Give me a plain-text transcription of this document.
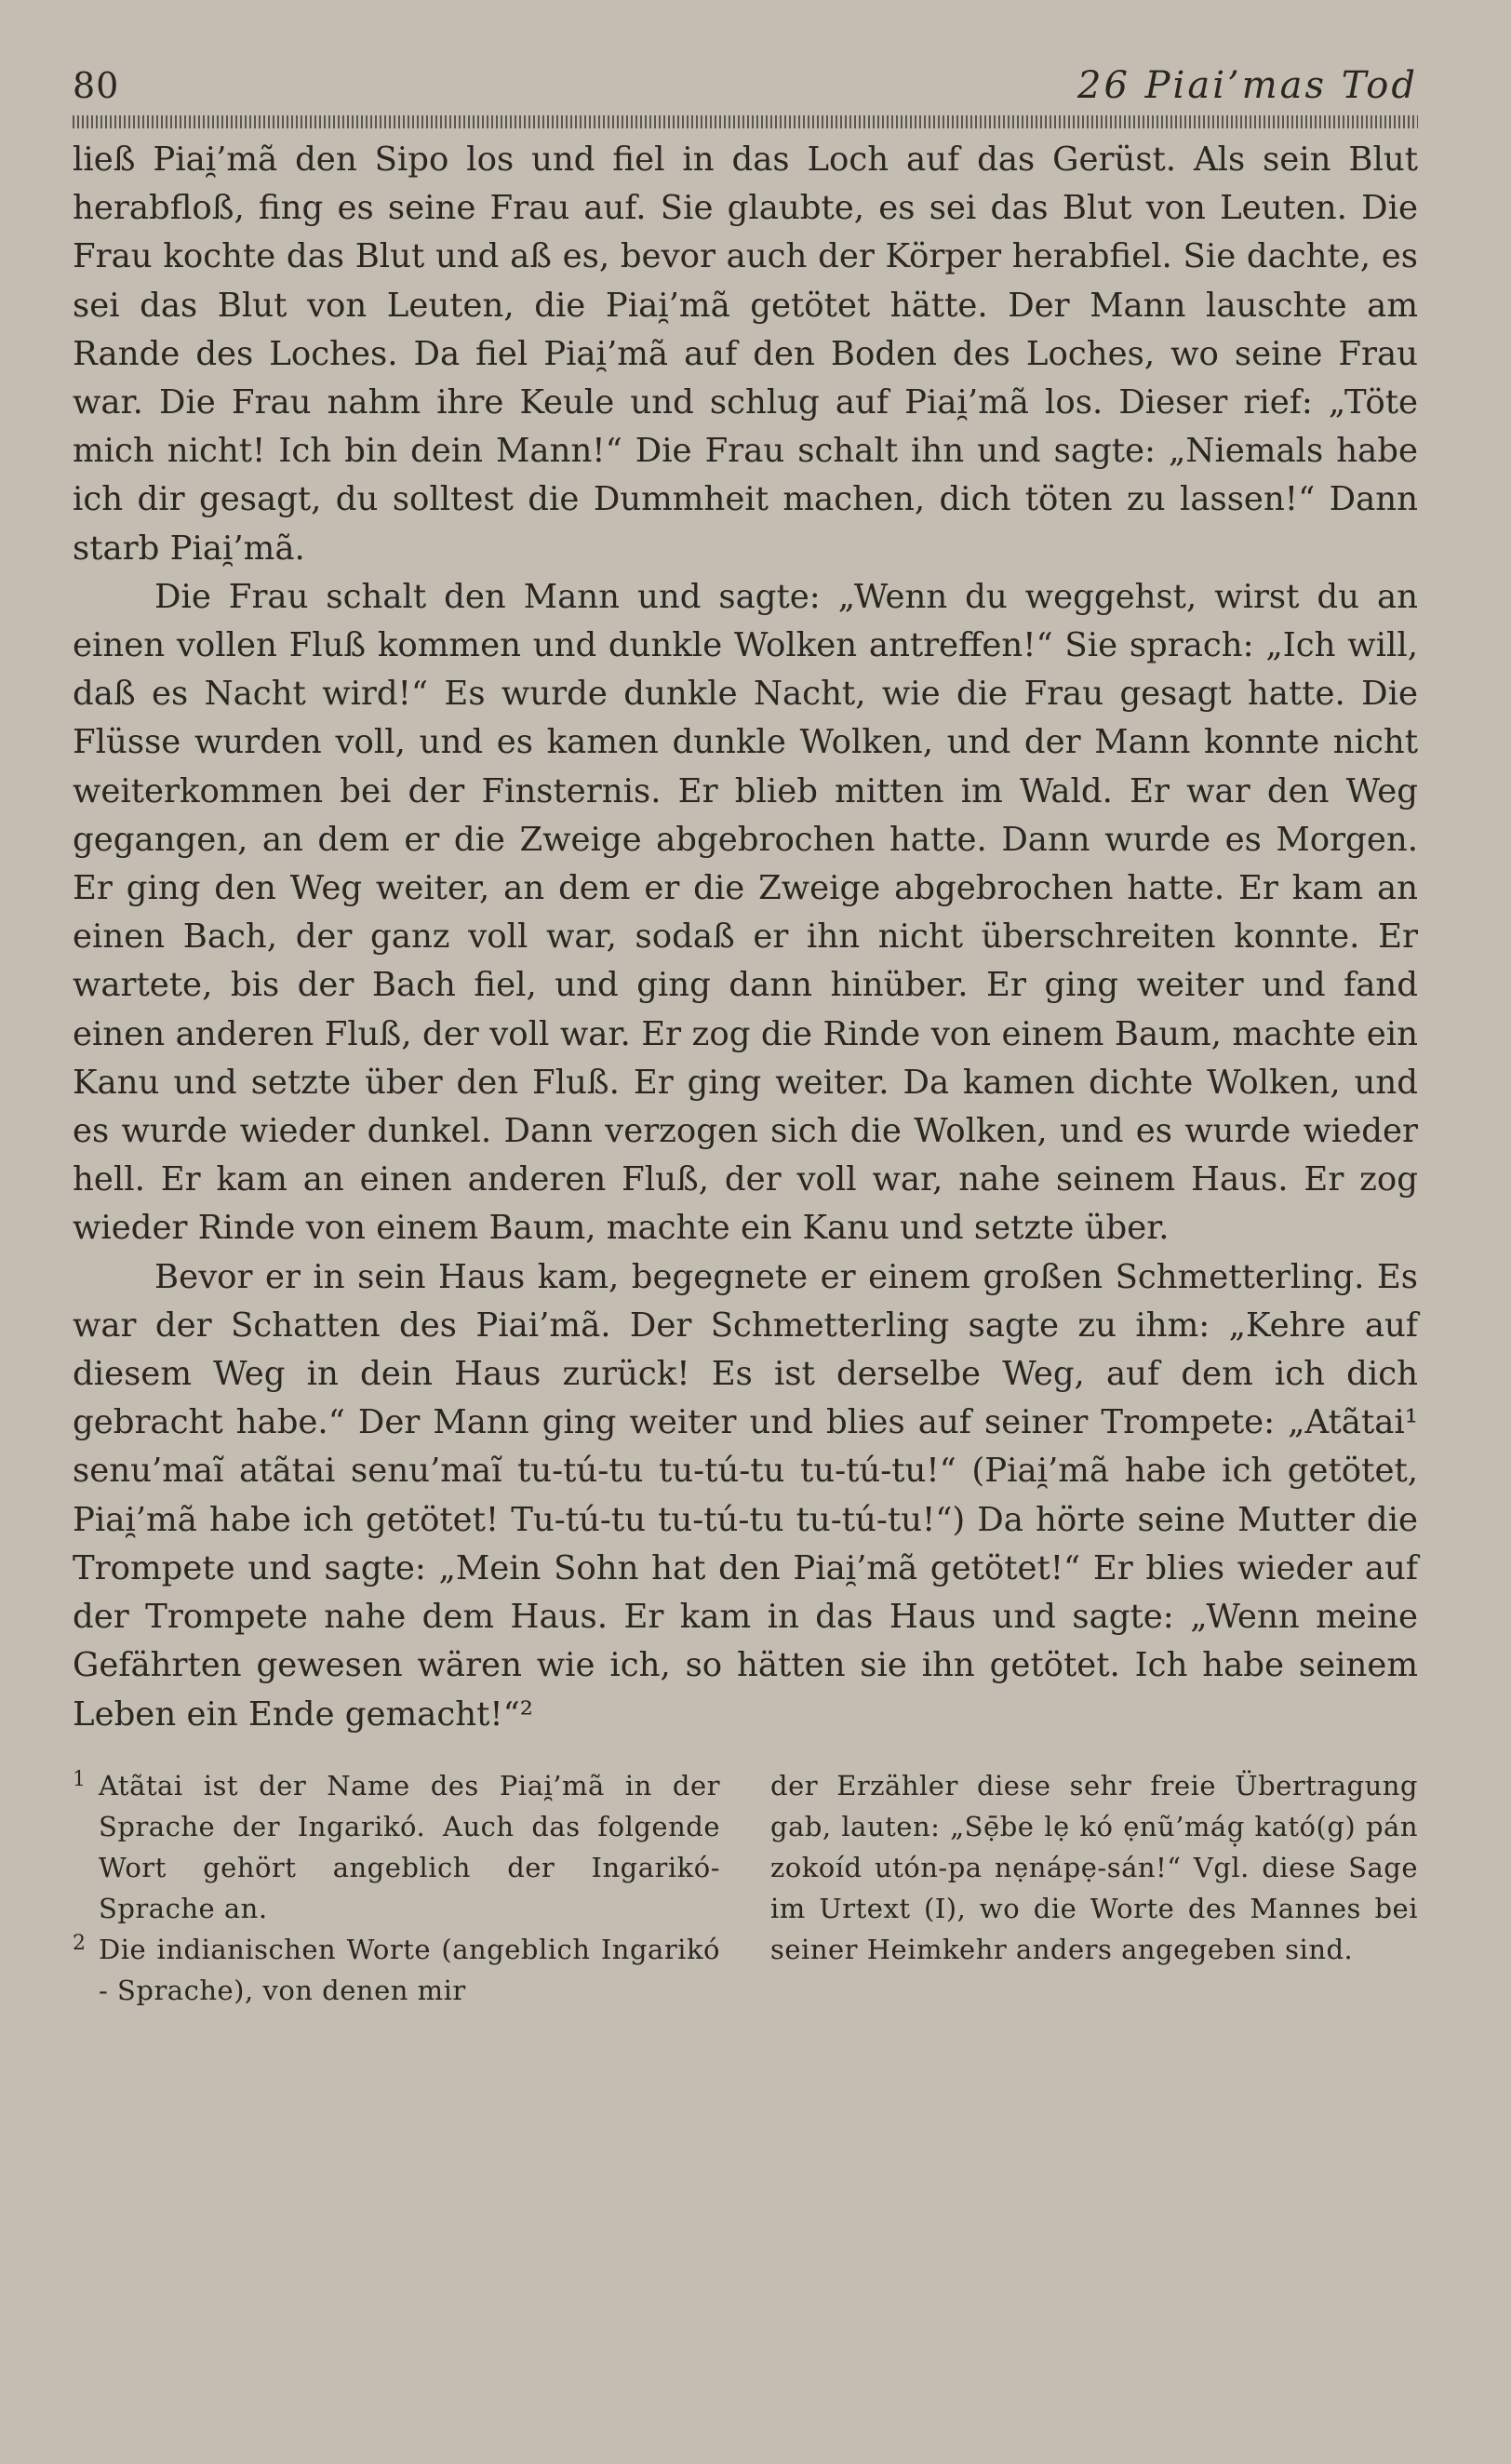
80	26 Piai’mas Tod

ließ Piai̯’mã den Sipo los und fiel in das Loch auf das Gerüst. Als sein Blut herabfloß, fing es seine Frau auf. Sie glaubte, es sei das Blut von Leuten. Die Frau kochte das Blut und aß es, bevor auch der Körper herabfiel. Sie dachte, es sei das Blut von Leuten, die Piai̯’mã getötet hätte. Der Mann lauschte am Rande des Loches. Da fiel Piai̯’mã auf den Boden des Loches, wo seine Frau war. Die Frau nahm ihre Keule und schlug auf Piai̯’mã los. Dieser rief: „Töte mich nicht! Ich bin dein Mann!“ Die Frau schalt ihn und sagte: „Niemals habe ich dir gesagt, du solltest die Dummheit machen, dich töten zu lassen!“ Dann starb Piai̯’mã.

Die Frau schalt den Mann und sagte: „Wenn du weggehst, wirst du an einen vollen Fluß kommen und dunkle Wolken antreffen!“ Sie sprach: „Ich will, daß es Nacht wird!“ Es wurde dunkle Nacht, wie die Frau gesagt hatte. Die Flüsse wurden voll, und es kamen dunkle Wolken, und der Mann konnte nicht weiterkommen bei der Finsternis. Er blieb mitten im Wald. Er war den Weg gegangen, an dem er die Zweige abgebrochen hatte. Dann wurde es Morgen. Er ging den Weg weiter, an dem er die Zweige abgebrochen hatte. Er kam an einen Bach, der ganz voll war, sodaß er ihn nicht überschreiten konnte. Er wartete, bis der Bach fiel, und ging dann hinüber. Er ging weiter und fand einen anderen Fluß, der voll war. Er zog die Rinde von einem Baum, machte ein Kanu und setzte über den Fluß. Er ging weiter. Da kamen dichte Wolken, und es wurde wieder dunkel. Dann verzogen sich die Wolken, und es wurde wieder hell. Er kam an einen anderen Fluß, der voll war, nahe seinem Haus. Er zog wieder Rinde von einem Baum, machte ein Kanu und setzte über.

Bevor er in sein Haus kam, begegnete er einem großen Schmetterling. Es war der Schatten des Piai’mã. Der Schmetterling sagte zu ihm: „Kehre auf diesem Weg in dein Haus zurück! Es ist derselbe Weg, auf dem ich dich gebracht habe.“ Der Mann ging weiter und blies auf seiner Trompete: „Atãtai¹ senu’maĩ atãtai senu’maĩ tu-tú-tu tu-tú-tu tu-tú-tu!“ (Piai̯’mã habe ich getötet, Piai̯’mã habe ich getötet! Tu-tú-tu tu-tú-tu tu-tú-tu!“) Da hörte seine Mutter die Trompete und sagte: „Mein Sohn hat den Piai̯’mã getötet!“ Er blies wieder auf der Trompete nahe dem Haus. Er kam in das Haus und sagte: „Wenn meine Gefährten gewesen wären wie ich, so hätten sie ihn getötet. Ich habe seinem Leben ein Ende gemacht!“²

1 Atãtai ist der Name des Piai̯’mã in der Sprache der Ingarikó. Auch das folgende Wort gehört angeblich der Ingarikó-Sprache an.

2 Die indianischen Worte (angeblich Ingarikó - Sprache), von denen mir

der Erzähler diese sehr freie Übertragung gab, lauten: „Sẹ̄be lẹ kó ẹnũ’mág̣ kató(g) pán zokoíd utón-pa nẹnápẹ-sán!“ Vgl. diese Sage im Urtext (I), wo die Worte des Mannes bei seiner Heimkehr anders angegeben sind.
